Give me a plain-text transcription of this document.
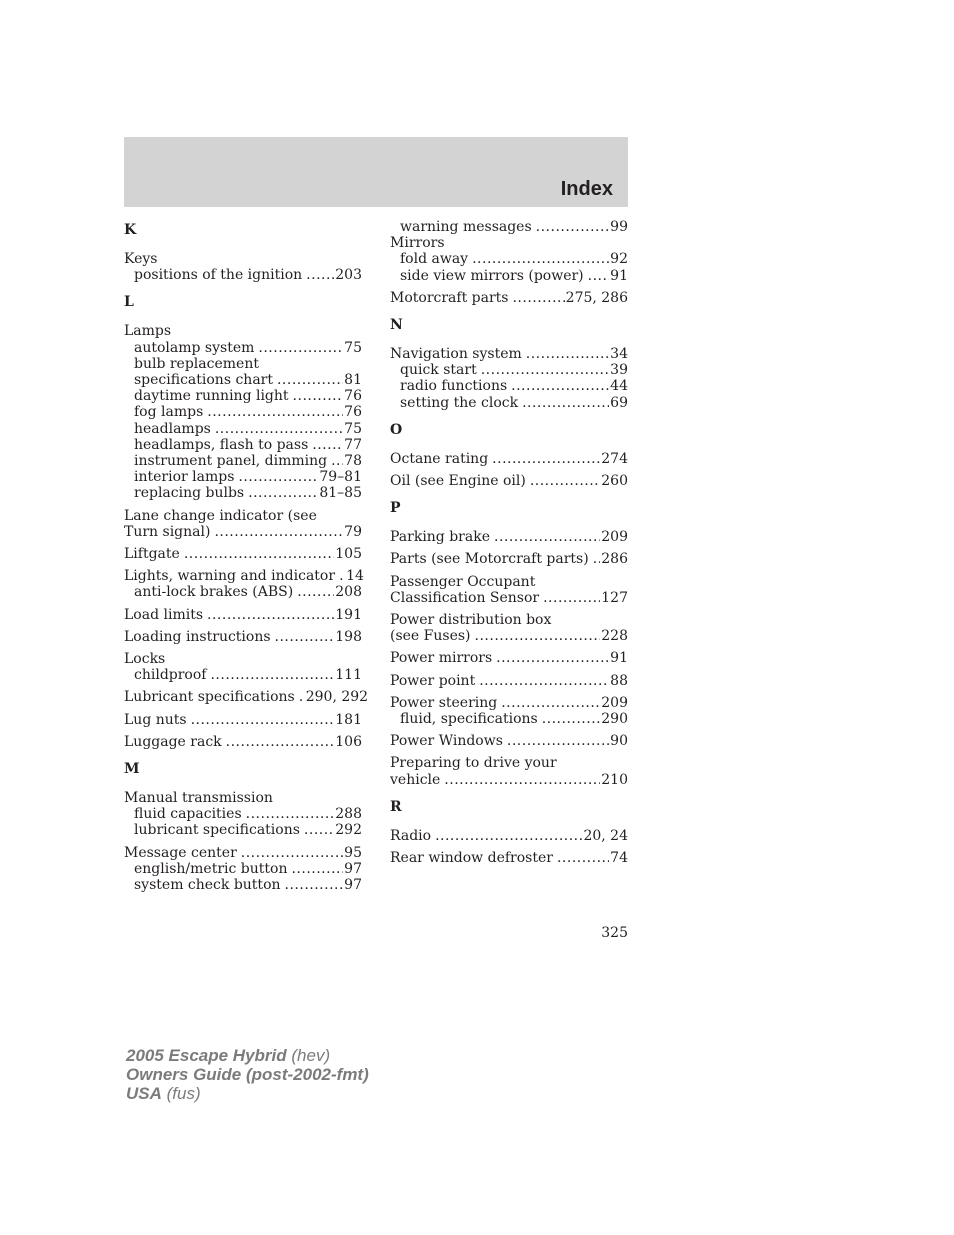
Index
K
Keys
positions of the ignition ..... 203
L
Lamps
autolamp system .....	75
bulb replacement
specifications chart .....	81
daytime running light .....	76
fog lamps .....	76
headlamps .....	75
headlamps, flash to pass .....	77
instrument panel, dimming ..... 78
interior lamps .....	79–81
replacing bulbs .....	81–85
Lane change indicator (see
Turn signal) .....	79
Liftgate .....	105
Lights, warning and indicator ..... 14
anti-lock brakes (ABS) .....	208
Load limits .....	191
Loading instructions .....	198
Locks
childproof .....	111
Lubricant specifications ..... 290, 292
Lug nuts .....	181
Luggage rack .....	106
M
Manual transmission
fluid capacities .....	288
lubricant specifications .....	292
Message center .....	95
english/metric button .....	97
system check button .....	97
warning messages .....	99
Mirrors
fold away .....	92
side view mirrors (power) ..... 91
Motorcraft parts .....	275, 286
N
Navigation system .....	34
quick start .....	39
radio functions .....	44
setting the clock .....	69
O
Octane rating .....	274
Oil (see Engine oil) .....	260
P
Parking brake .....	209
Parts (see Motorcraft parts) ..... 286
Passenger Occupant
Classification Sensor .....	127
Power distribution box
(see Fuses) .....	228
Power mirrors .....	91
Power point .....	88
Power steering .....	209
fluid, specifications .....	290
Power Windows .....	90
Preparing to drive your
vehicle .....	210
R
Radio .....	20, 24
Rear window defroster .....	74
325
2005 Escape Hybrid (hev)
Owners Guide (post-2002-fmt)
USA (fus)
